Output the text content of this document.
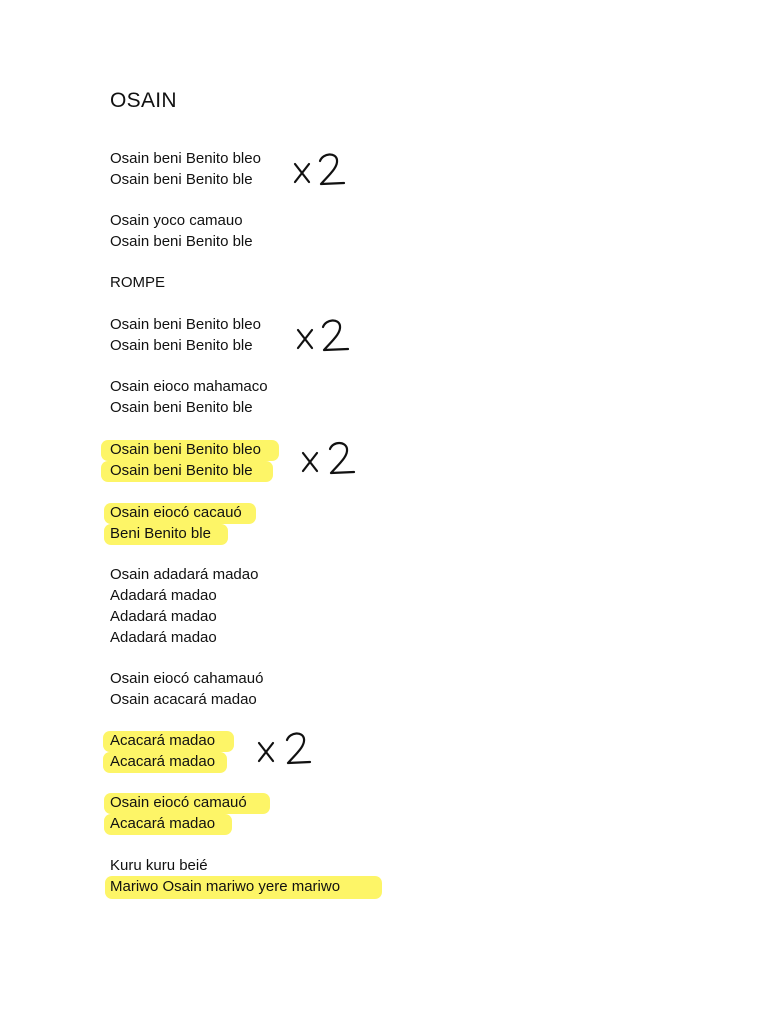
OSAIN
Osain beni Benito bleo
Osain beni Benito ble
Osain yoco camauo
Osain beni Benito ble
ROMPE
Osain beni Benito bleo
Osain beni Benito ble
Osain eioco mahamaco
Osain beni Benito ble
Osain beni Benito bleo
Osain beni Benito ble
Osain eiocó cacauó
Beni Benito ble
Osain adadará madao
Adadará madao
Adadará madao
Adadará madao
Osain eiocó cahamauó
Osain acacará madao
Acacará madao
Acacará madao
Osain eiocó camauó
Acacará madao
Kuru kuru beié
Mariwo Osain mariwo yere mariwo
